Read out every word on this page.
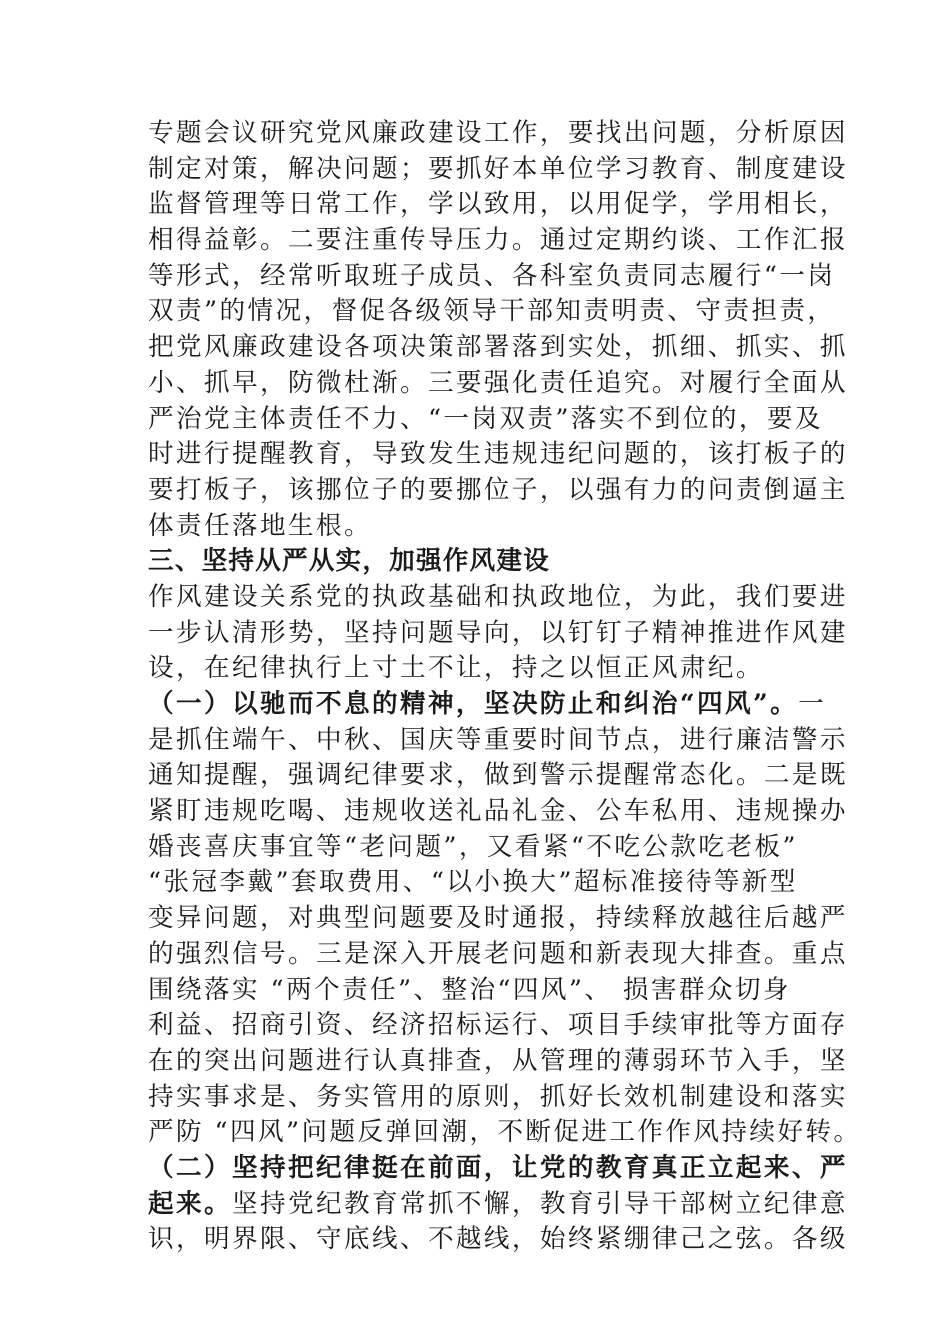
专题会议研究党风廉政建设工作，要找出问题，分析原因
制定对策，解决问题；要抓好本单位学习教育、制度建设
监督管理等日常工作，学以致用，以用促学，学用相长，
相得益彰。二要注重传导压力。通过定期约谈、工作汇报
等形式，经常听取班子成员、各科室负责同志履行“一岗
双责”的情况，督促各级领导干部知责明责、守责担责，
把党风廉政建设各项决策部署落到实处，抓细、抓实、抓
小、抓早，防微杜渐。三要强化责任追究。对履行全面从
严治党主体责任不力、“一岗双责”落实不到位的，要及
时进行提醒教育，导致发生违规违纪问题的，该打板子的
要打板子，该挪位子的要挪位子，以强有力的问责倒逼主
体责任落地生根。
三、坚持从严从实，加强作风建设
作风建设关系党的执政基础和执政地位，为此，我们要进
一步认清形势，坚持问题导向，以钉钉子精神推进作风建
设，在纪律执行上寸土不让，持之以恒正风肃纪。
（一）以驰而不息的精神，坚决防止和纠治“四风”。一
是抓住端午、中秋、国庆等重要时间节点，进行廉洁警示
通知提醒，强调纪律要求，做到警示提醒常态化。二是既
紧盯违规吃喝、违规收送礼品礼金、公车私用、违规操办
婚丧喜庆事宜等“老问题”，又看紧“不吃公款吃老板”
“张冠李戴”套取费用、“以小换大”超标准接待等新型
变异问题，对典型问题要及时通报，持续释放越往后越严
的强烈信号。三是深入开展老问题和新表现大排查。重点
围绕落实 “两个责任”、整治“四风”、 损害群众切身
利益、招商引资、经济招标运行、项目手续审批等方面存
在的突出问题进行认真排查，从管理的薄弱环节入手，坚
持实事求是、务实管用的原则，抓好长效机制建设和落实
严防 “四风”问题反弹回潮，不断促进工作作风持续好转。
（二）坚持把纪律挺在前面，让党的教育真正立起来、严
起来。坚持党纪教育常抓不懈，教育引导干部树立纪律意
识，明界限、守底线、不越线，始终紧绷律己之弦。各级
